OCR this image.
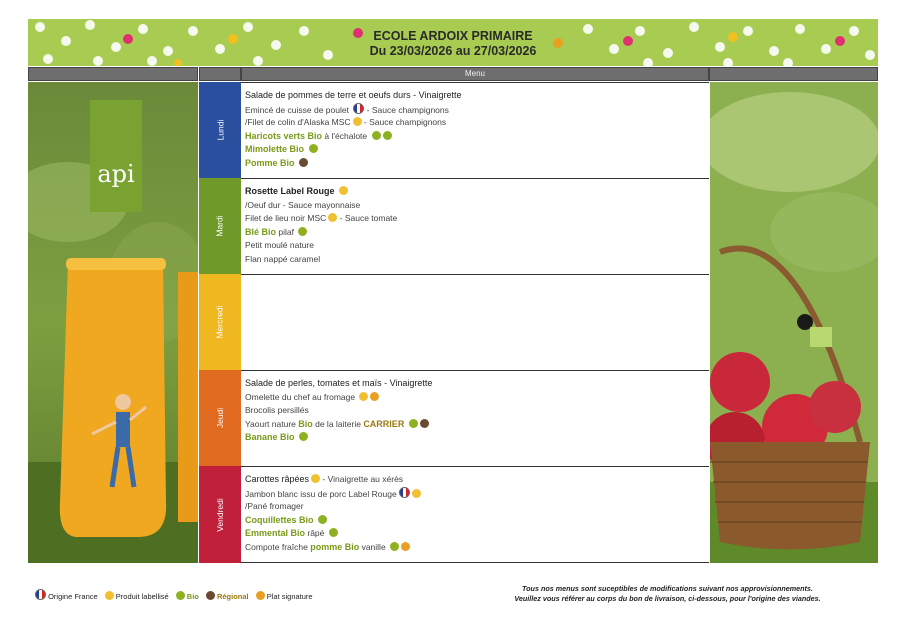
ECOLE ARDOIX PRIMAIRE
Du 23/03/2026 au 27/03/2026
Menu
api
Lundi
Mardi
Mercredi
Jeudi
Vendredi
Salade de pommes de terre et oeufs durs - Vinaigrette
Emincé de cuisse de poulet  - Sauce champignons
/Filet de colin d'Alaska MSC - Sauce champignons
Haricots verts Bio à l'échalote
Mimolette Bio
Pomme Bio
Rosette Label Rouge
/Oeuf dur - Sauce mayonnaise
Filet de lieu noir MSC - Sauce tomate
Blé Bio pilaf
Petit moulé nature
Flan nappé caramel
Salade de perles, tomates et maïs - Vinaigrette
Omelette du chef au fromage
Brocolis persillés
Yaourt nature Bio de la laiterie CARRIER
Banane Bio
Carottes râpées - Vinaigrette au xérès
Jambon blanc issu de porc Label Rouge
/Pané fromager
Coquillettes Bio
Emmental Bio râpé
Compote fraîche pomme Bio vanille
Origine France Produit labellisé Bio Régional Plat signature
Tous nos menus sont suceptibles de modifications suivant nos approvisionnements.
Veuillez vous référer au corps du bon de livraison, ci-dessous, pour l'origine des viandes.
